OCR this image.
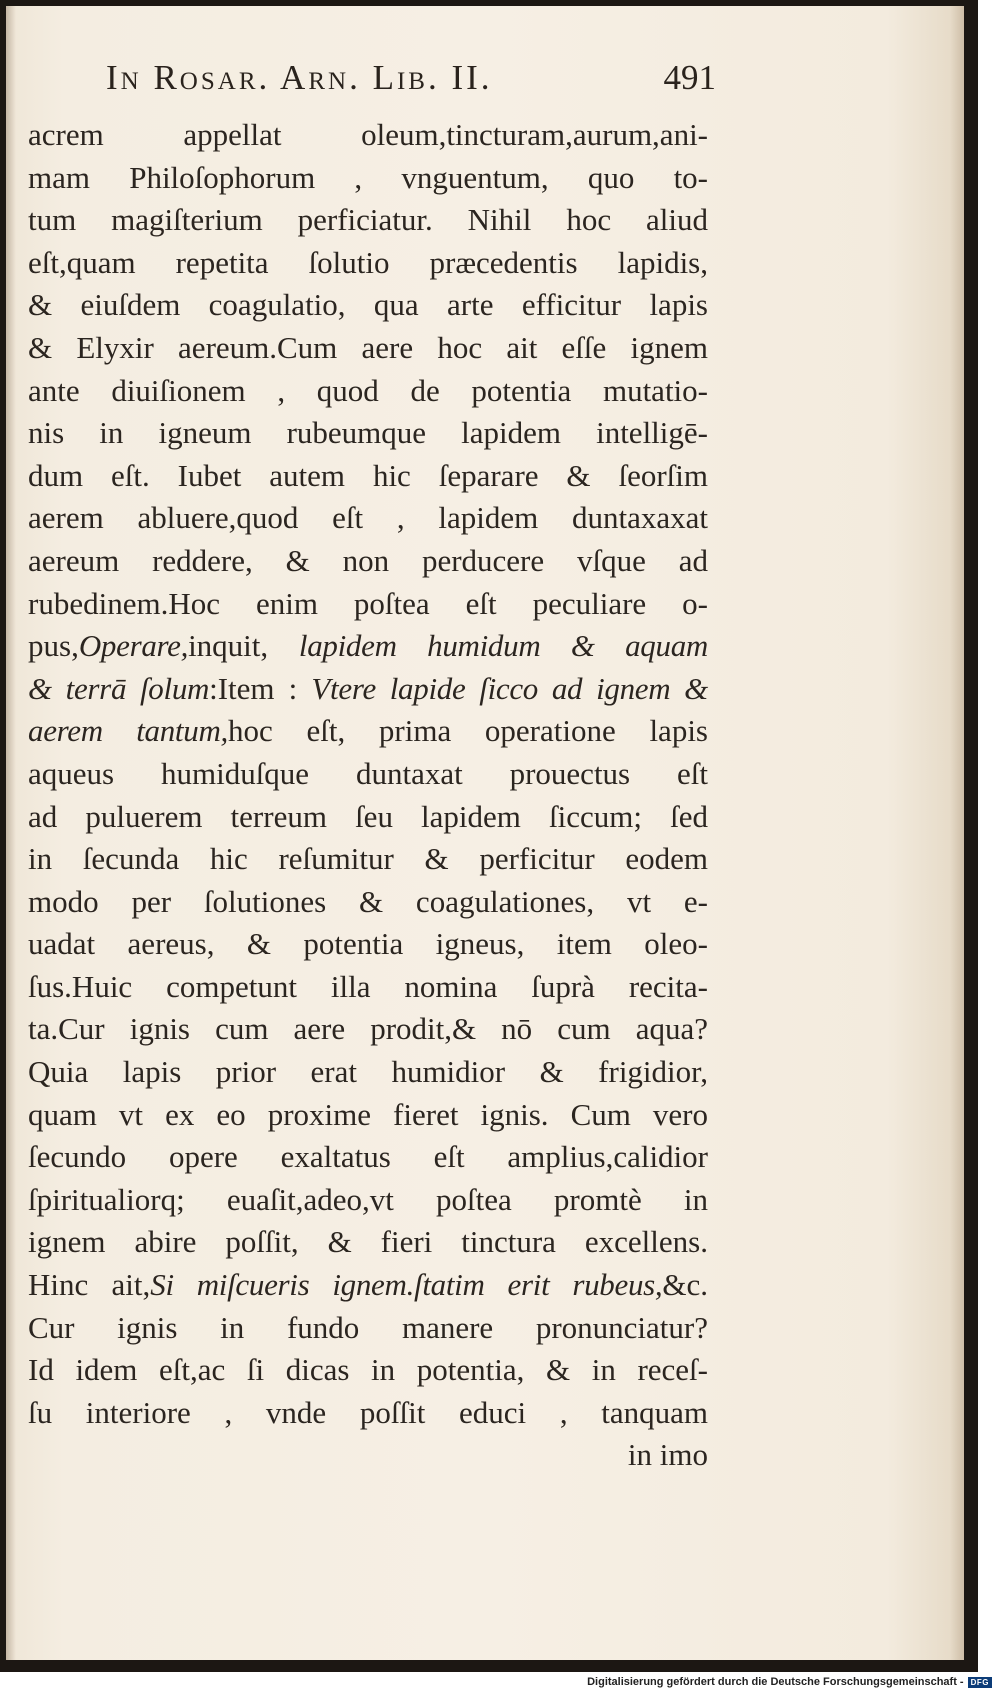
In Rosar. Arn. Lib. II.	491
acrem appellat oleum,tincturam,aurum,ani-
mam Philoſophorum , vnguentum, quo to-
tum magiſterium perficiatur. Nihil hoc aliud
eſt,quam repetita ſolutio præcedentis lapidis,
& eiuſdem coagulatio, qua arte efficitur lapis
& Elyxir aereum.Cum aere hoc ait eſſe ignem
ante diuiſionem , quod de potentia mutatio-
nis in igneum rubeumque lapidem intelligē-
dum eſt. Iubet autem hic ſeparare & ſeorſim
aerem abluere,quod eſt , lapidem duntaxaxat
aereum reddere, & non perducere vſque ad
rubedinem.Hoc enim poſtea eſt peculiare o-
pus,Operare,inquit, lapidem humidum & aquam
& terrā ſolum:Item : Vtere lapide ſicco ad ignem &
aerem tantum,hoc eſt, prima operatione lapis
aqueus humiduſque duntaxat prouectus eſt
ad puluerem terreum ſeu lapidem ſiccum; ſed
in ſecunda hic reſumitur & perficitur eodem
modo per ſolutiones & coagulationes, vt e-
uadat aereus, & potentia igneus, item oleo-
ſus.Huic competunt illa nomina ſuprà recita-
ta.Cur ignis cum aere prodit,& nō cum aqua?
Quia lapis prior erat humidior & frigidior,
quam vt ex eo proxime fieret ignis. Cum vero
ſecundo opere exaltatus eſt amplius,calidior
ſpiritualiorq; euaſit,adeo,vt poſtea promtè in
ignem abire poſſit, & fieri tinctura excellens.
Hinc ait,Si miſcueris ignem.ſtatim erit rubeus,&c.
Cur ignis in fundo manere pronunciatur?
Id idem eſt,ac ſi dicas in potentia, & in receſ-
ſu interiore , vnde poſſit educi , tanquam
in imo
Digitalisierung gefördert durch die Deutsche Forschungsgemeinschaft - DFG
